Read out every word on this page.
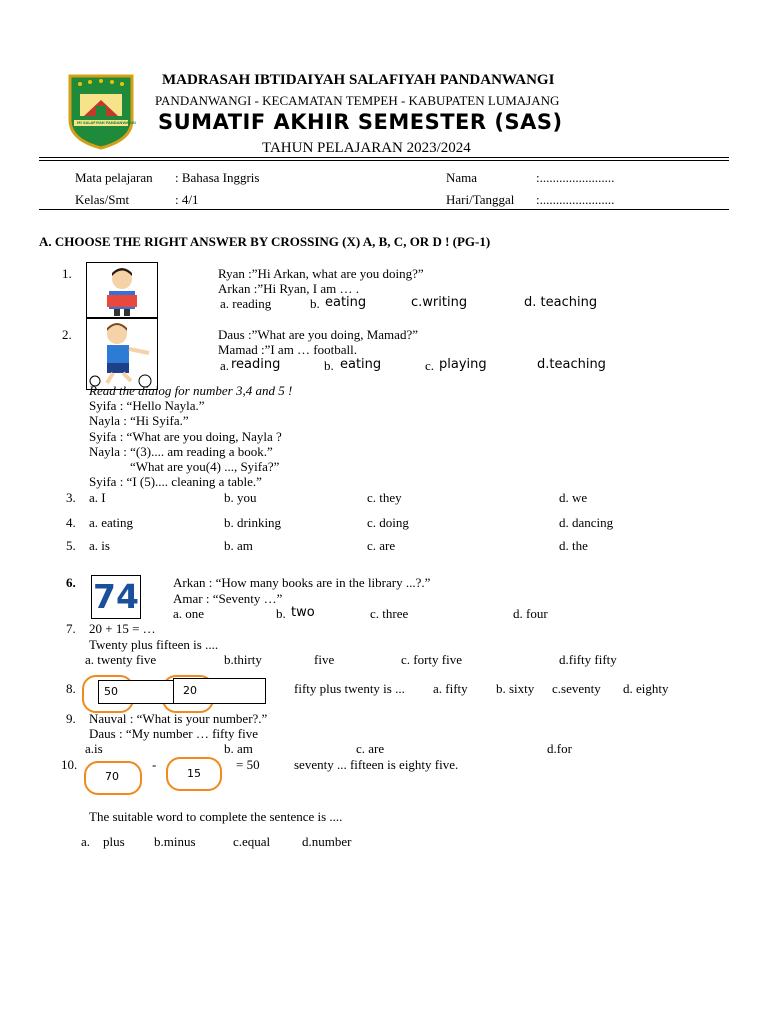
MI SALAFIYAH PANDANWANGI
MADRASAH IBTIDAIYAH SALAFIYAH PANDANWANGI
PANDANWANGI - KECAMATAN TEMPEH - KABUPATEN LUMAJANG
SUMATIF AKHIR SEMESTER (SAS)
TAHUN PELAJARAN 2023/2024
Mata pelajaran : Bahasa Inggris	Nama	:.......................
Kelas/Smt	: 4/1	Hari/Tanggal :.......................
A. CHOOSE THE RIGHT ANSWER BY CROSSING (X) A, B, C, OR D ! (PG-1)
1.	Ryan :”Hi Arkan, what are you doing?”
Arkan :”Hi Ryan, I am … .
a. reading	b. eating	c.writing	d. teaching
2.	Daus :”What are you doing, Mamad?”
Mamad :”I am … football.
a. reading	b. eating	c. playing	d.teaching
Read the dialog for number 3,4 and 5 !
Syifa : “Hello Nayla.”
Nayla : “Hi Syifa.”
Syifa : “What are you doing, Nayla ?
Nayla : “(3).... am reading a book.”
“What are you(4) ..., Syifa?”
Syifa : “I (5).... cleaning a table.”
3. a. I	b. you	c. they	d. we
4. a. eating	b. drinking	c. doing	d. dancing
5. a. is	b. am	c. are	d. the
6. 74	Arkan : “How many books are in the library ...?.”
Amar : “Seventy …”
a. one	b. two	c. three	d. four
7. 20 + 15 = …
Twenty plus fifteen is ....
a. twenty five	b.thirty	five	c. forty five	d.fifty fifty
8.	50	20	fifty plus twenty is ... a. fifty b. sixty c.seventy d. eighty
9. Nauval : “What is your number?.”
Daus : “My number … fifty five
a.is	b. am	c. are	d.for
10.
70
-
15
= 50	seventy ... fifteen is eighty five.
The suitable word to complete the sentence is ....
a. plus b.minus	c.equal d.number
